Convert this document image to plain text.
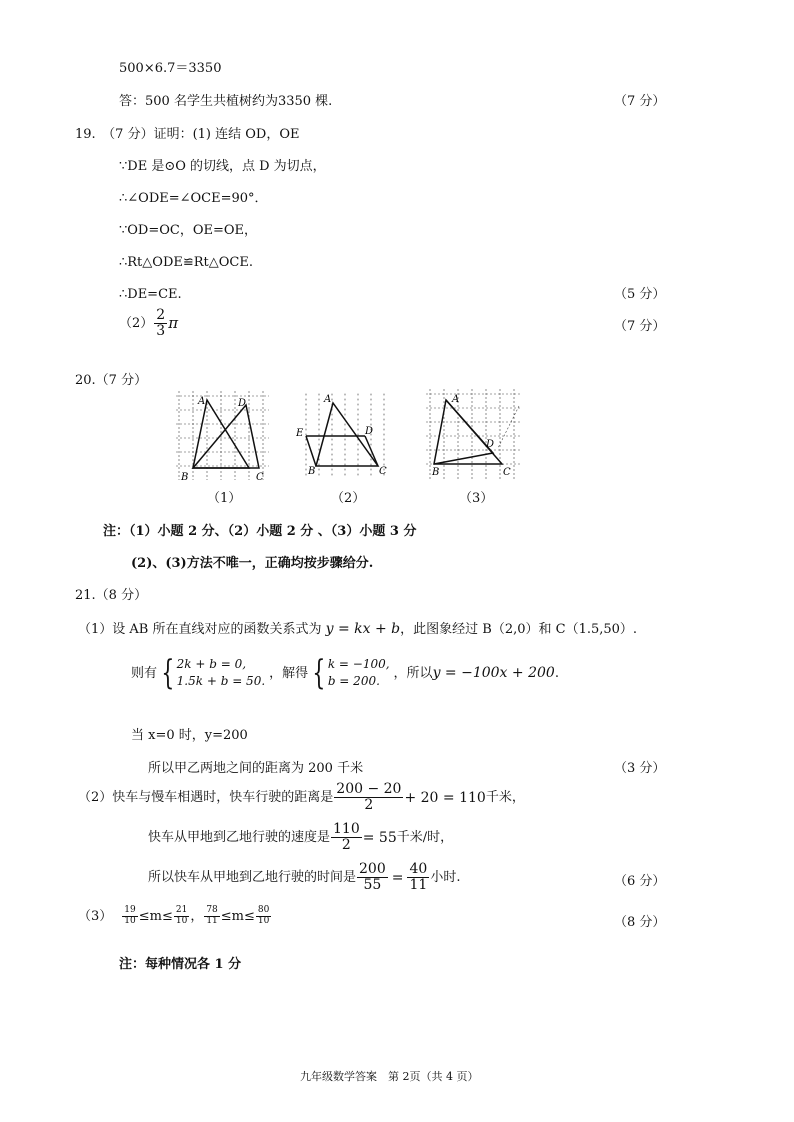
500×6.7＝3350
答：500 名学生共植树约为3350 棵.	（7 分）
19.　（7 分）证明：(1) 连结 OD，OE
∵DE 是⊙O 的切线，点 D 为切点，
∴∠ODE=∠OCE=90°．
∵OD=OC，OE=OE，
∴Rt△ODE≌Rt△OCE.
∴DE=CE.	（5 分）
$(2) \frac{2}{3}$ π	（7 分）
20.（7 分）
A	D
B	C
（1）
A
E	D
B	C
（2）
A
D
B	C
（3）
注：（1）小题 2 分、（2）小题 2 分 、（3）小题 3 分
(2)、(3)方法不唯一，正确均按步骤给分.
21.（8 分）
（1）设 AB 所在直线对应的函数关系式为 y = kx + b，此图象经过 B（2,0）和 C（1.5,50）.
则有 { 2k + b = 0,
1.5k + b = 50.
，解得 { k = −100,
b = 200.
，所以 y = −100x + 200 .
当 x=0 时，y=200
所以甲乙两地之间的距离为 200 千米	（3 分）
（2）快车与慢车相遇时，快车行驶的距离是 $\frac{200 - 20}{2} + 20 = 110$ 千米，
快车从甲地到乙地行驶的速度是 $\frac{110}{2} = 55$ 千米/时，
所以快车从甲地到乙地行驶的时间是 $\frac{200}{55} = \frac{40}{11}$ 小时.	（6 分）
$(3) \frac{19}{10} \le m\le \frac{21}{10}$ ， $\frac{78}{11} \le m\le \frac{80}{10}$	（8 分）
注：每种情况各 1 分
九年级数学答案　第 2页（共 4 页）
